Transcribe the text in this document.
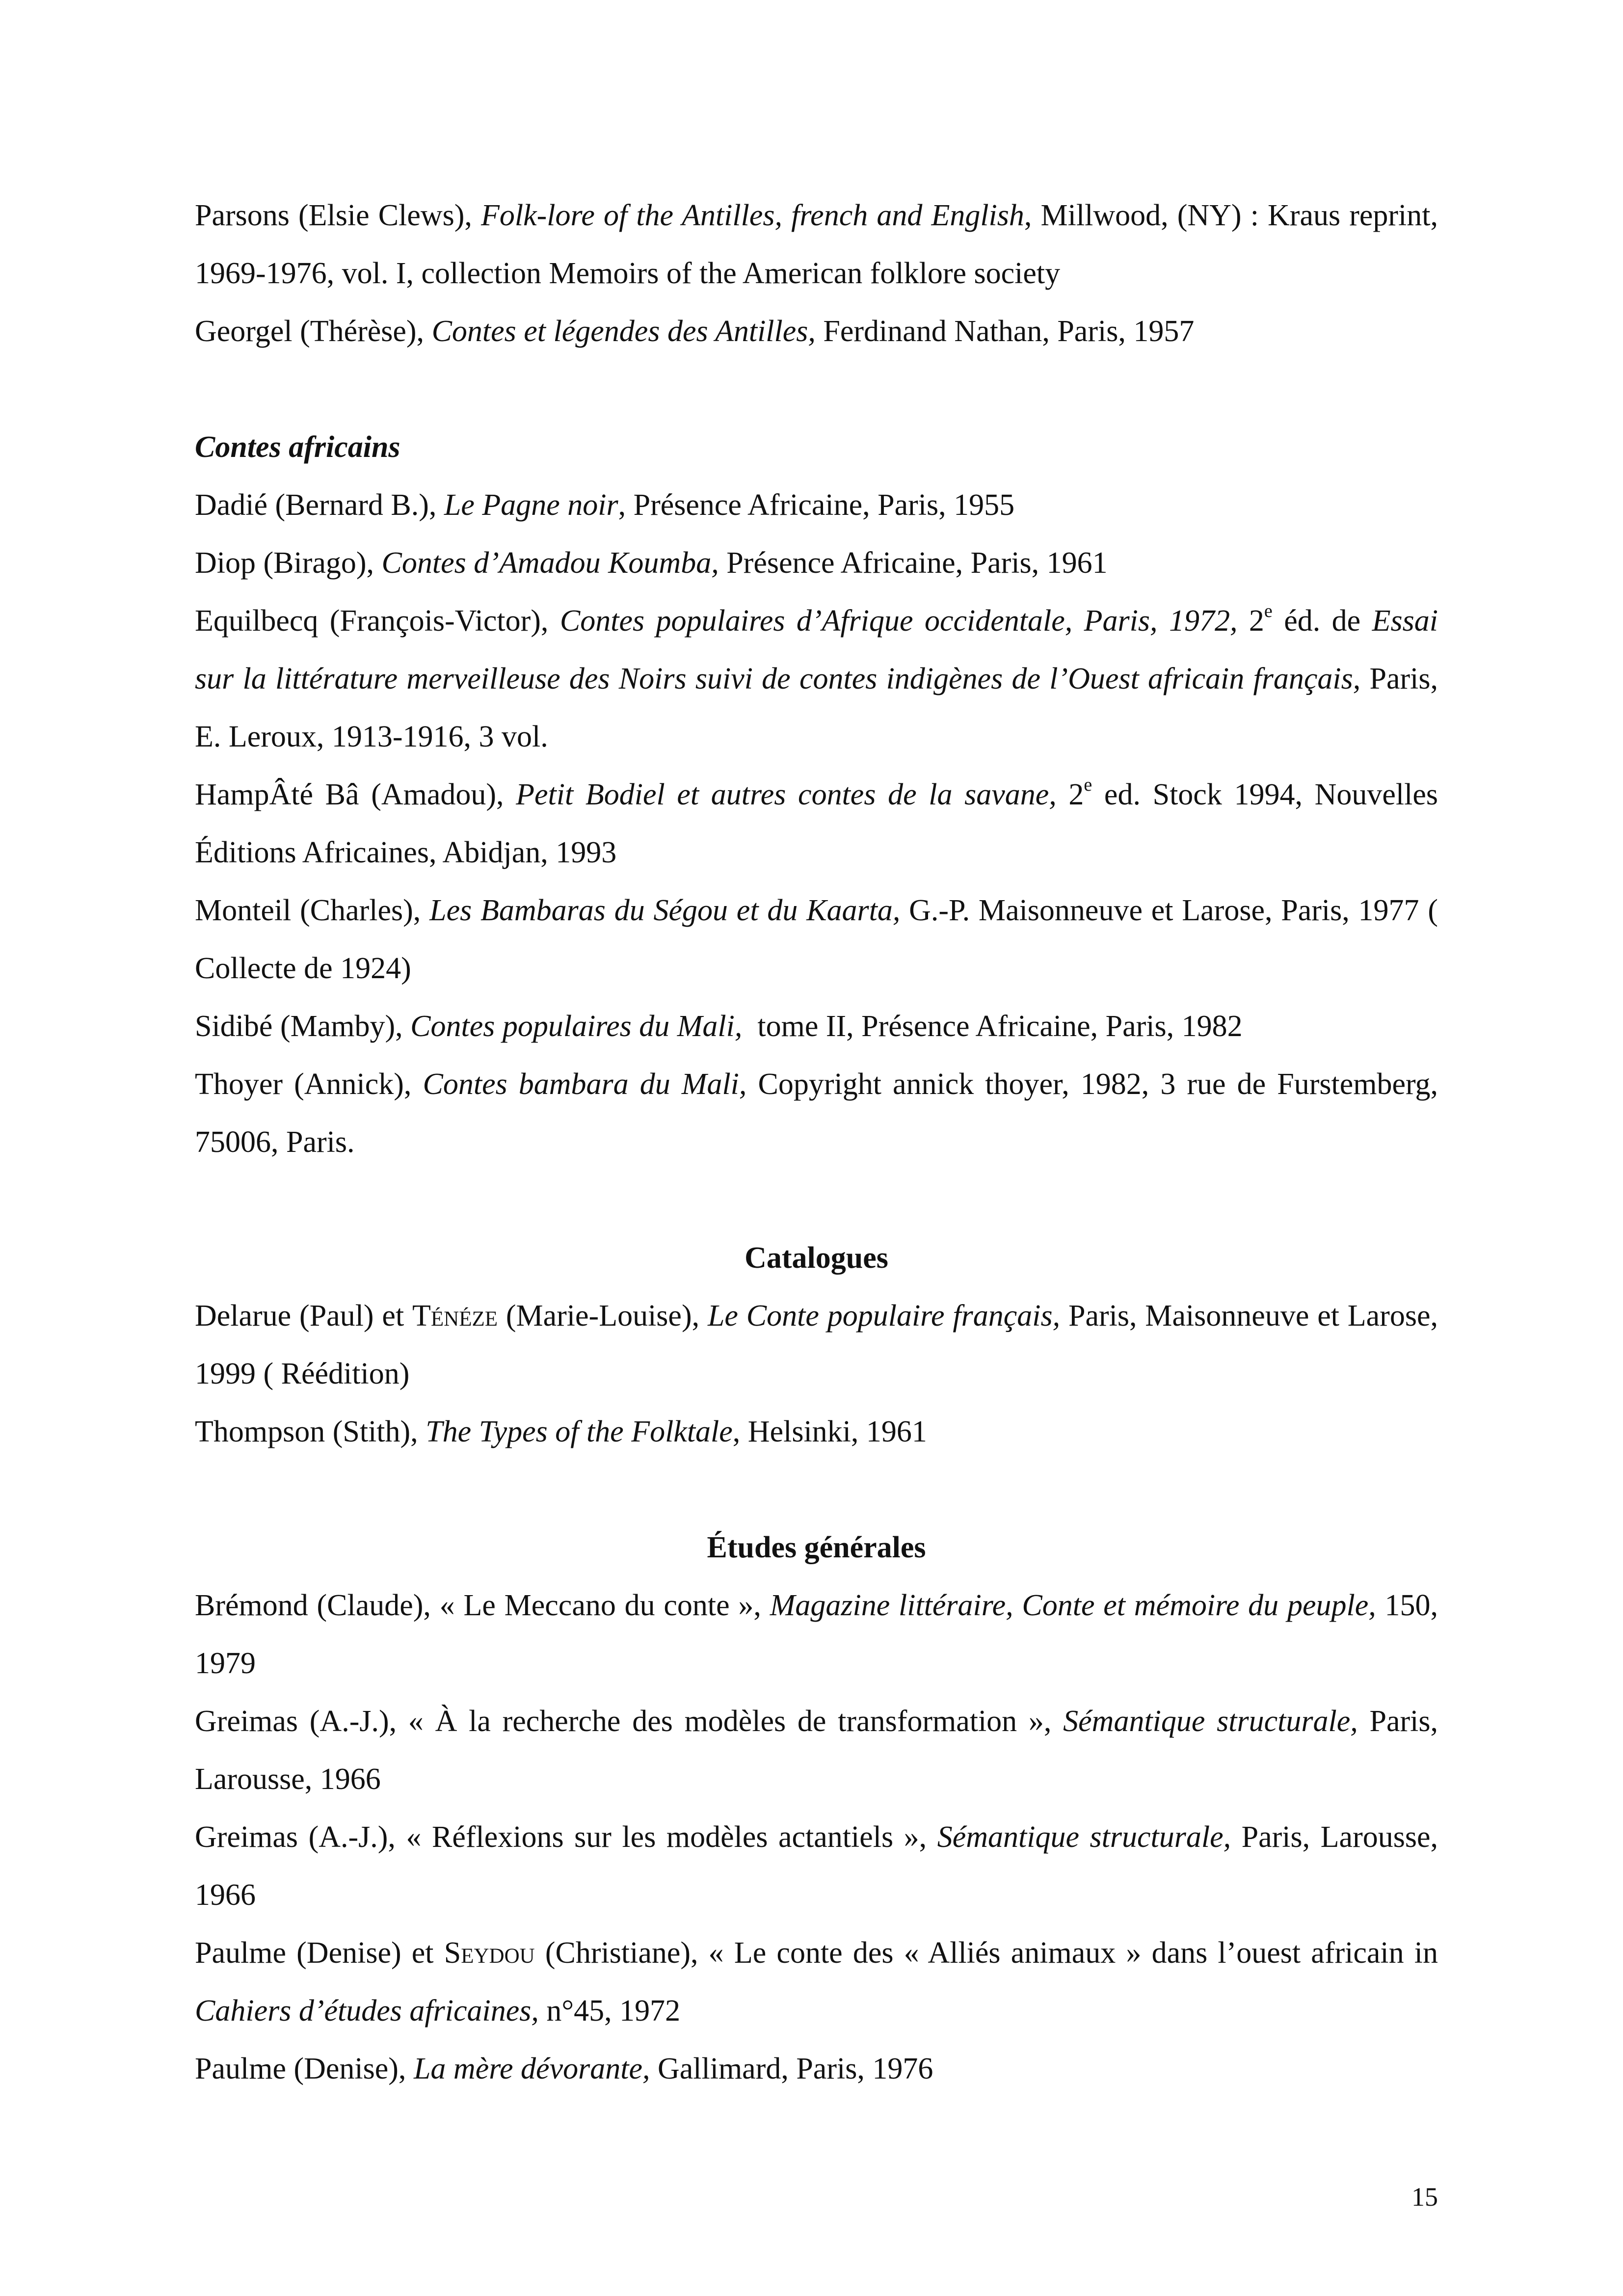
Parsons (Elsie Clews), Folk-lore of the Antilles, french and English, Millwood, (NY) : Kraus reprint, 1969-1976, vol. I, collection Memoirs of the American folklore society

Georgel (Thérèse), Contes et légendes des Antilles, Ferdinand Nathan, Paris, 1957

Contes africains

Dadié (Bernard B.), Le Pagne noir, Présence Africaine, Paris, 1955

Diop (Birago), Contes d’Amadou Koumba, Présence Africaine, Paris, 1961

Equilbecq (François-Victor), Contes populaires d’Afrique occidentale, Paris, 1972, 2e éd. de Essai sur la littérature merveilleuse des Noirs suivi de contes indigènes de l’Ouest africain français, Paris, E. Leroux, 1913-1916, 3 vol.

HampÂté Bâ (Amadou), Petit Bodiel et autres contes de la savane, 2e ed. Stock 1994, Nouvelles Éditions Africaines, Abidjan, 1993

Monteil (Charles), Les Bambaras du Ségou et du Kaarta, G.-P. Maisonneuve et Larose, Paris, 1977 ( Collecte de 1924)

Sidibé (Mamby), Contes populaires du Mali,  tome II, Présence Africaine, Paris, 1982

Thoyer (Annick), Contes bambara du Mali, Copyright annick thoyer, 1982, 3 rue de Furstemberg, 75006, Paris.

Catalogues

Delarue (Paul) et Ténéze (Marie-Louise), Le Conte populaire français, Paris, Maisonneuve et Larose, 1999 ( Réédition)

Thompson (Stith), The Types of the Folktale, Helsinki, 1961

Études générales

Brémond (Claude), « Le Meccano du conte », Magazine littéraire, Conte et mémoire du peuple, 150, 1979

Greimas (A.-J.), « À la recherche des modèles de transformation », Sémantique structurale, Paris, Larousse, 1966

Greimas (A.-J.), « Réflexions sur les modèles actantiels », Sémantique structurale, Paris, Larousse, 1966

Paulme (Denise) et Seydou (Christiane), « Le conte des « Alliés animaux » dans l’ouest africain in Cahiers d’études africaines, n°45, 1972

Paulme (Denise), La mère dévorante, Gallimard, Paris, 1976

15
